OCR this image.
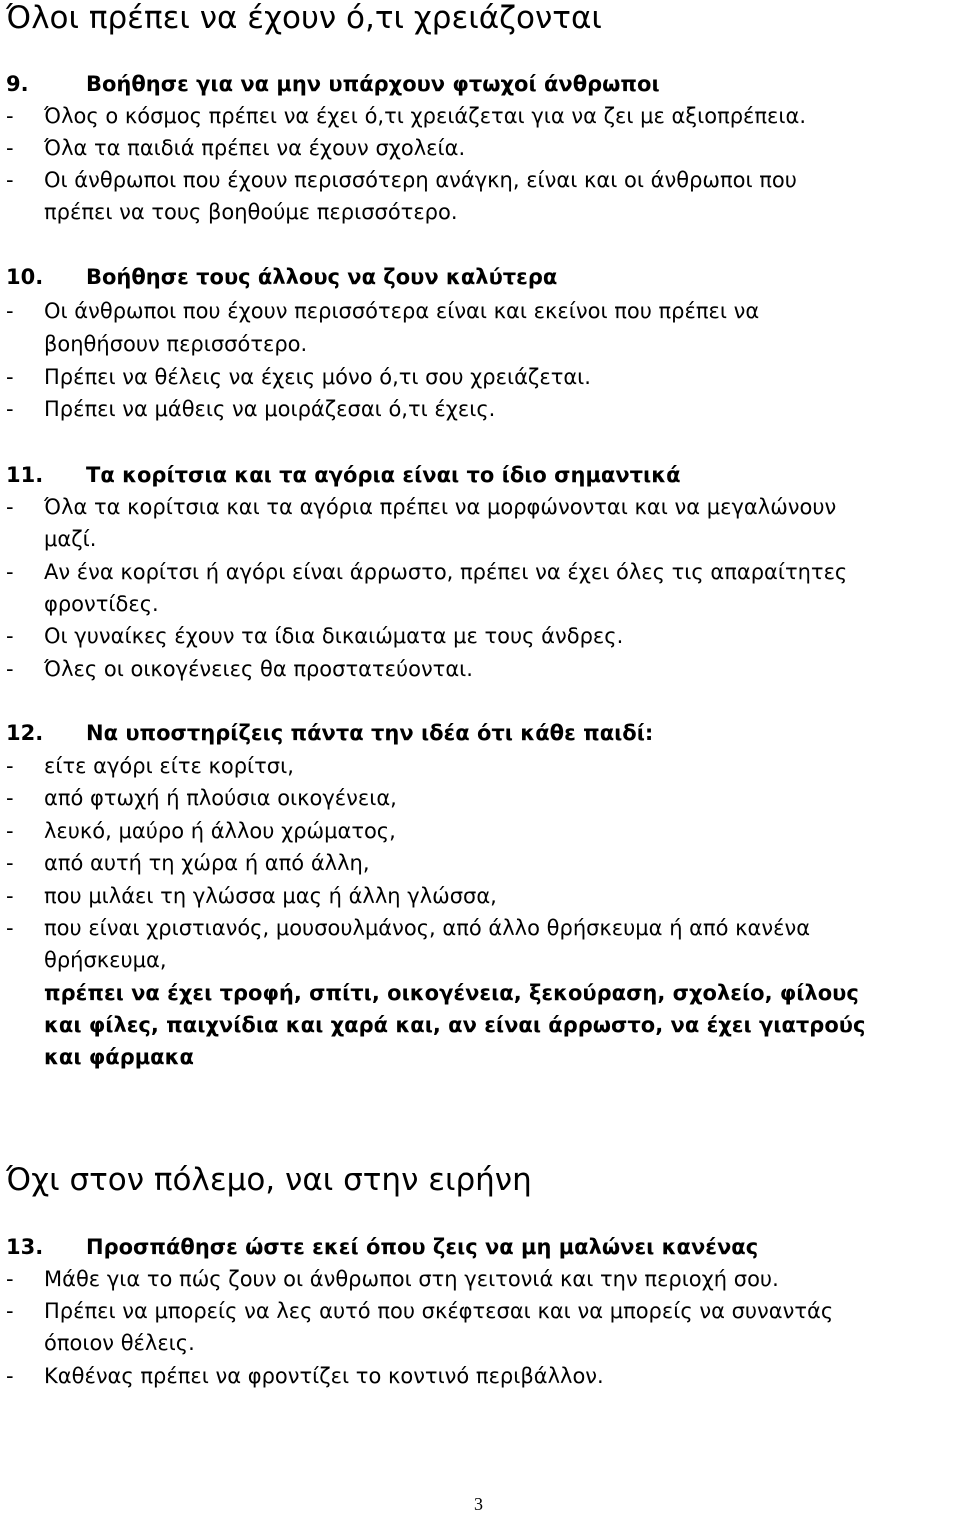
Όλοι πρέπει να έχουν ό,τι χρειάζονται
9.	Βοήθησε για να μην υπάρχουν φτωχοί άνθρωποι
- Όλος ο κόσμος πρέπει να έχει ό,τι χρειάζεται για να ζει με αξιοπρέπεια.
- Όλα τα παιδιά πρέπει να έχουν σχολεία.
- Οι άνθρωποι που έχουν περισσότερη ανάγκη, είναι και οι άνθρωποι που
πρέπει να τους βοηθούμε περισσότερο.
10. Βοήθησε τους άλλους να ζουν καλύτερα
- Οι άνθρωποι που έχουν περισσότερα είναι και εκείνοι που πρέπει να
βοηθήσουν περισσότερο.
- Πρέπει να θέλεις να έχεις μόνο ό,τι σου χρειάζεται.
- Πρέπει να μάθεις να μοιράζεσαι ό,τι έχεις.
11. Τα κορίτσια και τα αγόρια είναι το ίδιο σημαντικά
- Όλα τα κορίτσια και τα αγόρια πρέπει να μορφώνονται και να μεγαλώνουν
μαζί.
- Αν ένα κορίτσι ή αγόρι είναι άρρωστο, πρέπει να έχει όλες τις απαραίτητες
φροντίδες.
- Οι γυναίκες έχουν τα ίδια δικαιώματα με τους άνδρες.
- Όλες οι οικογένειες θα προστατεύονται.
12. Να υποστηρίζεις πάντα την ιδέα ότι κάθε παιδί:
- είτε αγόρι είτε κορίτσι,
- από φτωχή ή πλούσια οικογένεια,
- λευκό, μαύρο ή άλλου χρώματος,
- από αυτή τη χώρα ή από άλλη,
- που μιλάει τη γλώσσα μας ή άλλη γλώσσα,
- που είναι χριστιανός, μουσουλμάνος, από άλλο θρήσκευμα ή από κανένα
θρήσκευμα,
πρέπει να έχει τροφή, σπίτι, οικογένεια, ξεκούραση, σχολείο, φίλους
και φίλες, παιχνίδια και χαρά και, αν είναι άρρωστο, να έχει γιατρούς
και φάρμακα
Όχι στον πόλεμο, ναι στην ειρήνη
13. Προσπάθησε ώστε εκεί όπου ζεις να μη μαλώνει κανένας
- Μάθε για το πώς ζουν οι άνθρωποι στη γειτονιά και την περιοχή σου.
- Πρέπει να μπορείς να λες αυτό που σκέφτεσαι και να μπορείς να συναντάς
όποιον θέλεις.
- Καθένας πρέπει να φροντίζει το κοντινό περιβάλλον.
3
